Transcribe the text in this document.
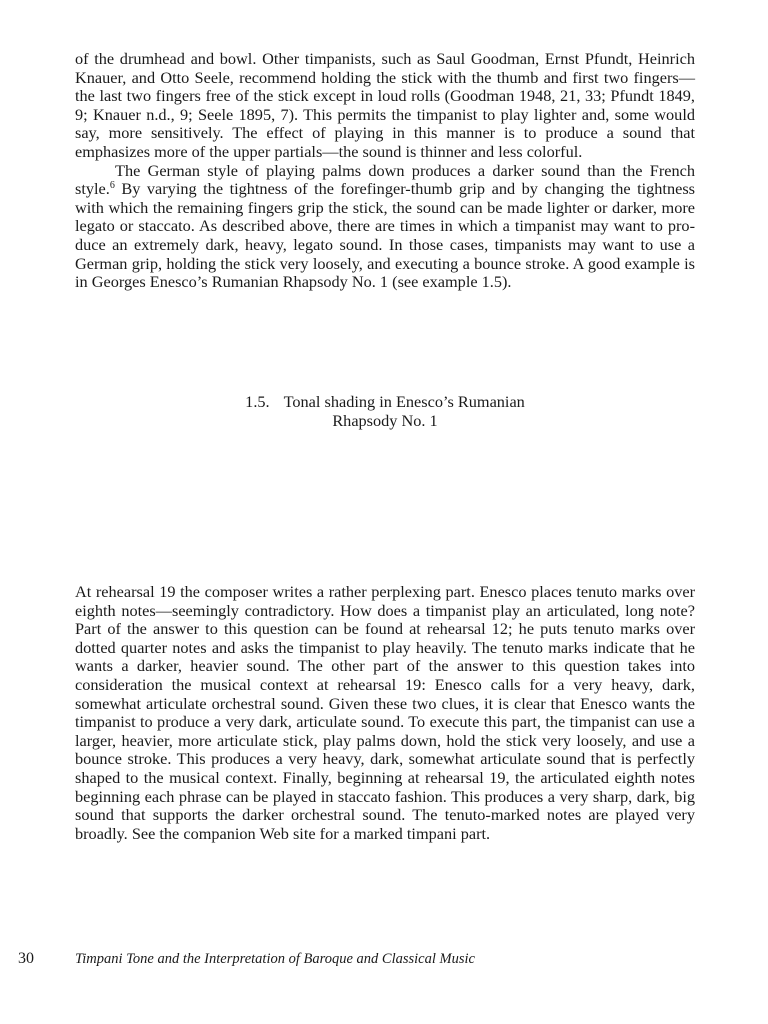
of the drumhead and bowl. Other timpanists, such as Saul Goodman, Ernst Pfundt, Heinrich Knauer, and Otto Seele, recommend holding the stick with the thumb and first two fingers—the last two fingers free of the stick except in loud rolls (Goodman 1948, 21, 33; Pfundt 1849, 9; Knauer n.d., 9; Seele 1895, 7). This permits the timpanist to play lighter and, some would say, more sensitively. The effect of playing in this manner is to produce a sound that emphasizes more of the upper partials—the sound is thinner and less colorful.

The German style of playing palms down produces a darker sound than the French style.$^6$ By varying the tightness of the forefinger-thumb grip and by changing the tightness with which the remaining fingers grip the stick, the sound can be made lighter or darker, more legato or staccato. As described above, there are times in which a timpanist may want to produce an extremely dark, heavy, legato sound. In those cases, timpanists may want to use a German grip, holding the stick very loosely, and executing a bounce stroke. A good example is in Georges Enesco’s Rumanian Rhapsody No. 1 (see example 1.5).

1.5. Tonal shading in Enesco’s Rumanian
Rhapsody No. 1

At rehearsal 19 the composer writes a rather perplexing part. Enesco places tenuto marks over eighth notes—seemingly contradictory. How does a timpanist play an articulated, long note? Part of the answer to this question can be found at rehearsal 12; he puts tenuto marks over dotted quarter notes and asks the timpanist to play heavily. The tenuto marks indicate that he wants a darker, heavier sound. The other part of the answer to this question takes into consideration the musical context at rehearsal 19: Enesco calls for a very heavy, dark, somewhat articulate orchestral sound. Given these two clues, it is clear that Enesco wants the timpanist to produce a very dark, articulate sound. To execute this part, the timpanist can use a larger, heavier, more articulate stick, play palms down, hold the stick very loosely, and use a bounce stroke. This produces a very heavy, dark, somewhat articulate sound that is perfectly shaped to the musical context. Finally, beginning at rehearsal 19, the articulated eighth notes beginning each phrase can be played in staccato fashion. This produces a very sharp, dark, big sound that supports the darker orchestral sound. The tenuto-marked notes are played very broadly. See the companion Web site for a marked timpani part.

30	Timpani Tone and the Interpretation of Baroque and Classical Music
